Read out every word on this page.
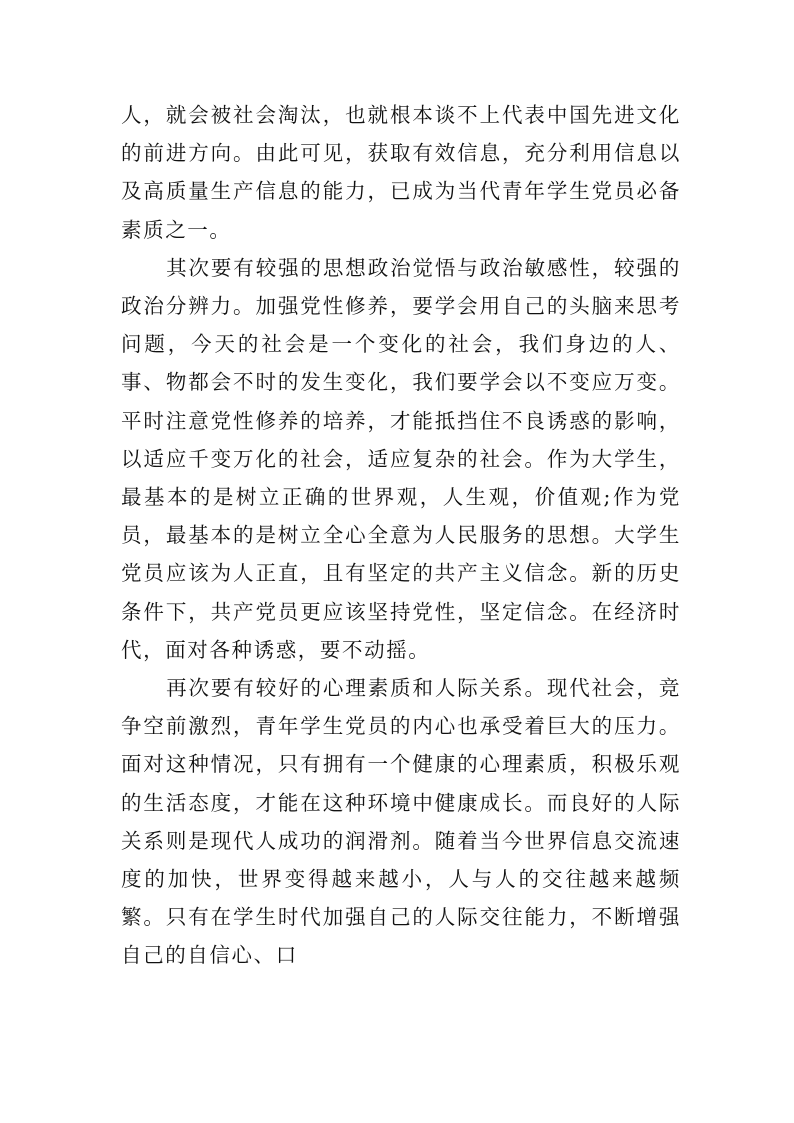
人，就会被社会淘汰，也就根本谈不上代表中国先进文化的前进方向。由此可见，获取有效信息，充分利用信息以及高质量生产信息的能力，已成为当代青年学生党员必备素质之一。

其次要有较强的思想政治觉悟与政治敏感性，较强的政治分辨力。加强党性修养，要学会用自己的头脑来思考问题，今天的社会是一个变化的社会，我们身边的人、事、物都会不时的发生变化，我们要学会以不变应万变。平时注意党性修养的培养，才能抵挡住不良诱惑的影响，以适应千变万化的社会，适应复杂的社会。作为大学生，最基本的是树立正确的世界观，人生观，价值观;作为党员，最基本的是树立全心全意为人民服务的思想。大学生党员应该为人正直，且有坚定的共产主义信念。新的历史条件下，共产党员更应该坚持党性，坚定信念。在经济时代，面对各种诱惑，要不动摇。

再次要有较好的心理素质和人际关系。现代社会，竞争空前激烈，青年学生党员的内心也承受着巨大的压力。面对这种情况，只有拥有一个健康的心理素质，积极乐观的生活态度，才能在这种环境中健康成长。而良好的人际关系则是现代人成功的润滑剂。随着当今世界信息交流速度的加快，世界变得越来越小，人与人的交往越来越频繁。只有在学生时代加强自己的人际交往能力，不断增强自己的自信心、口
